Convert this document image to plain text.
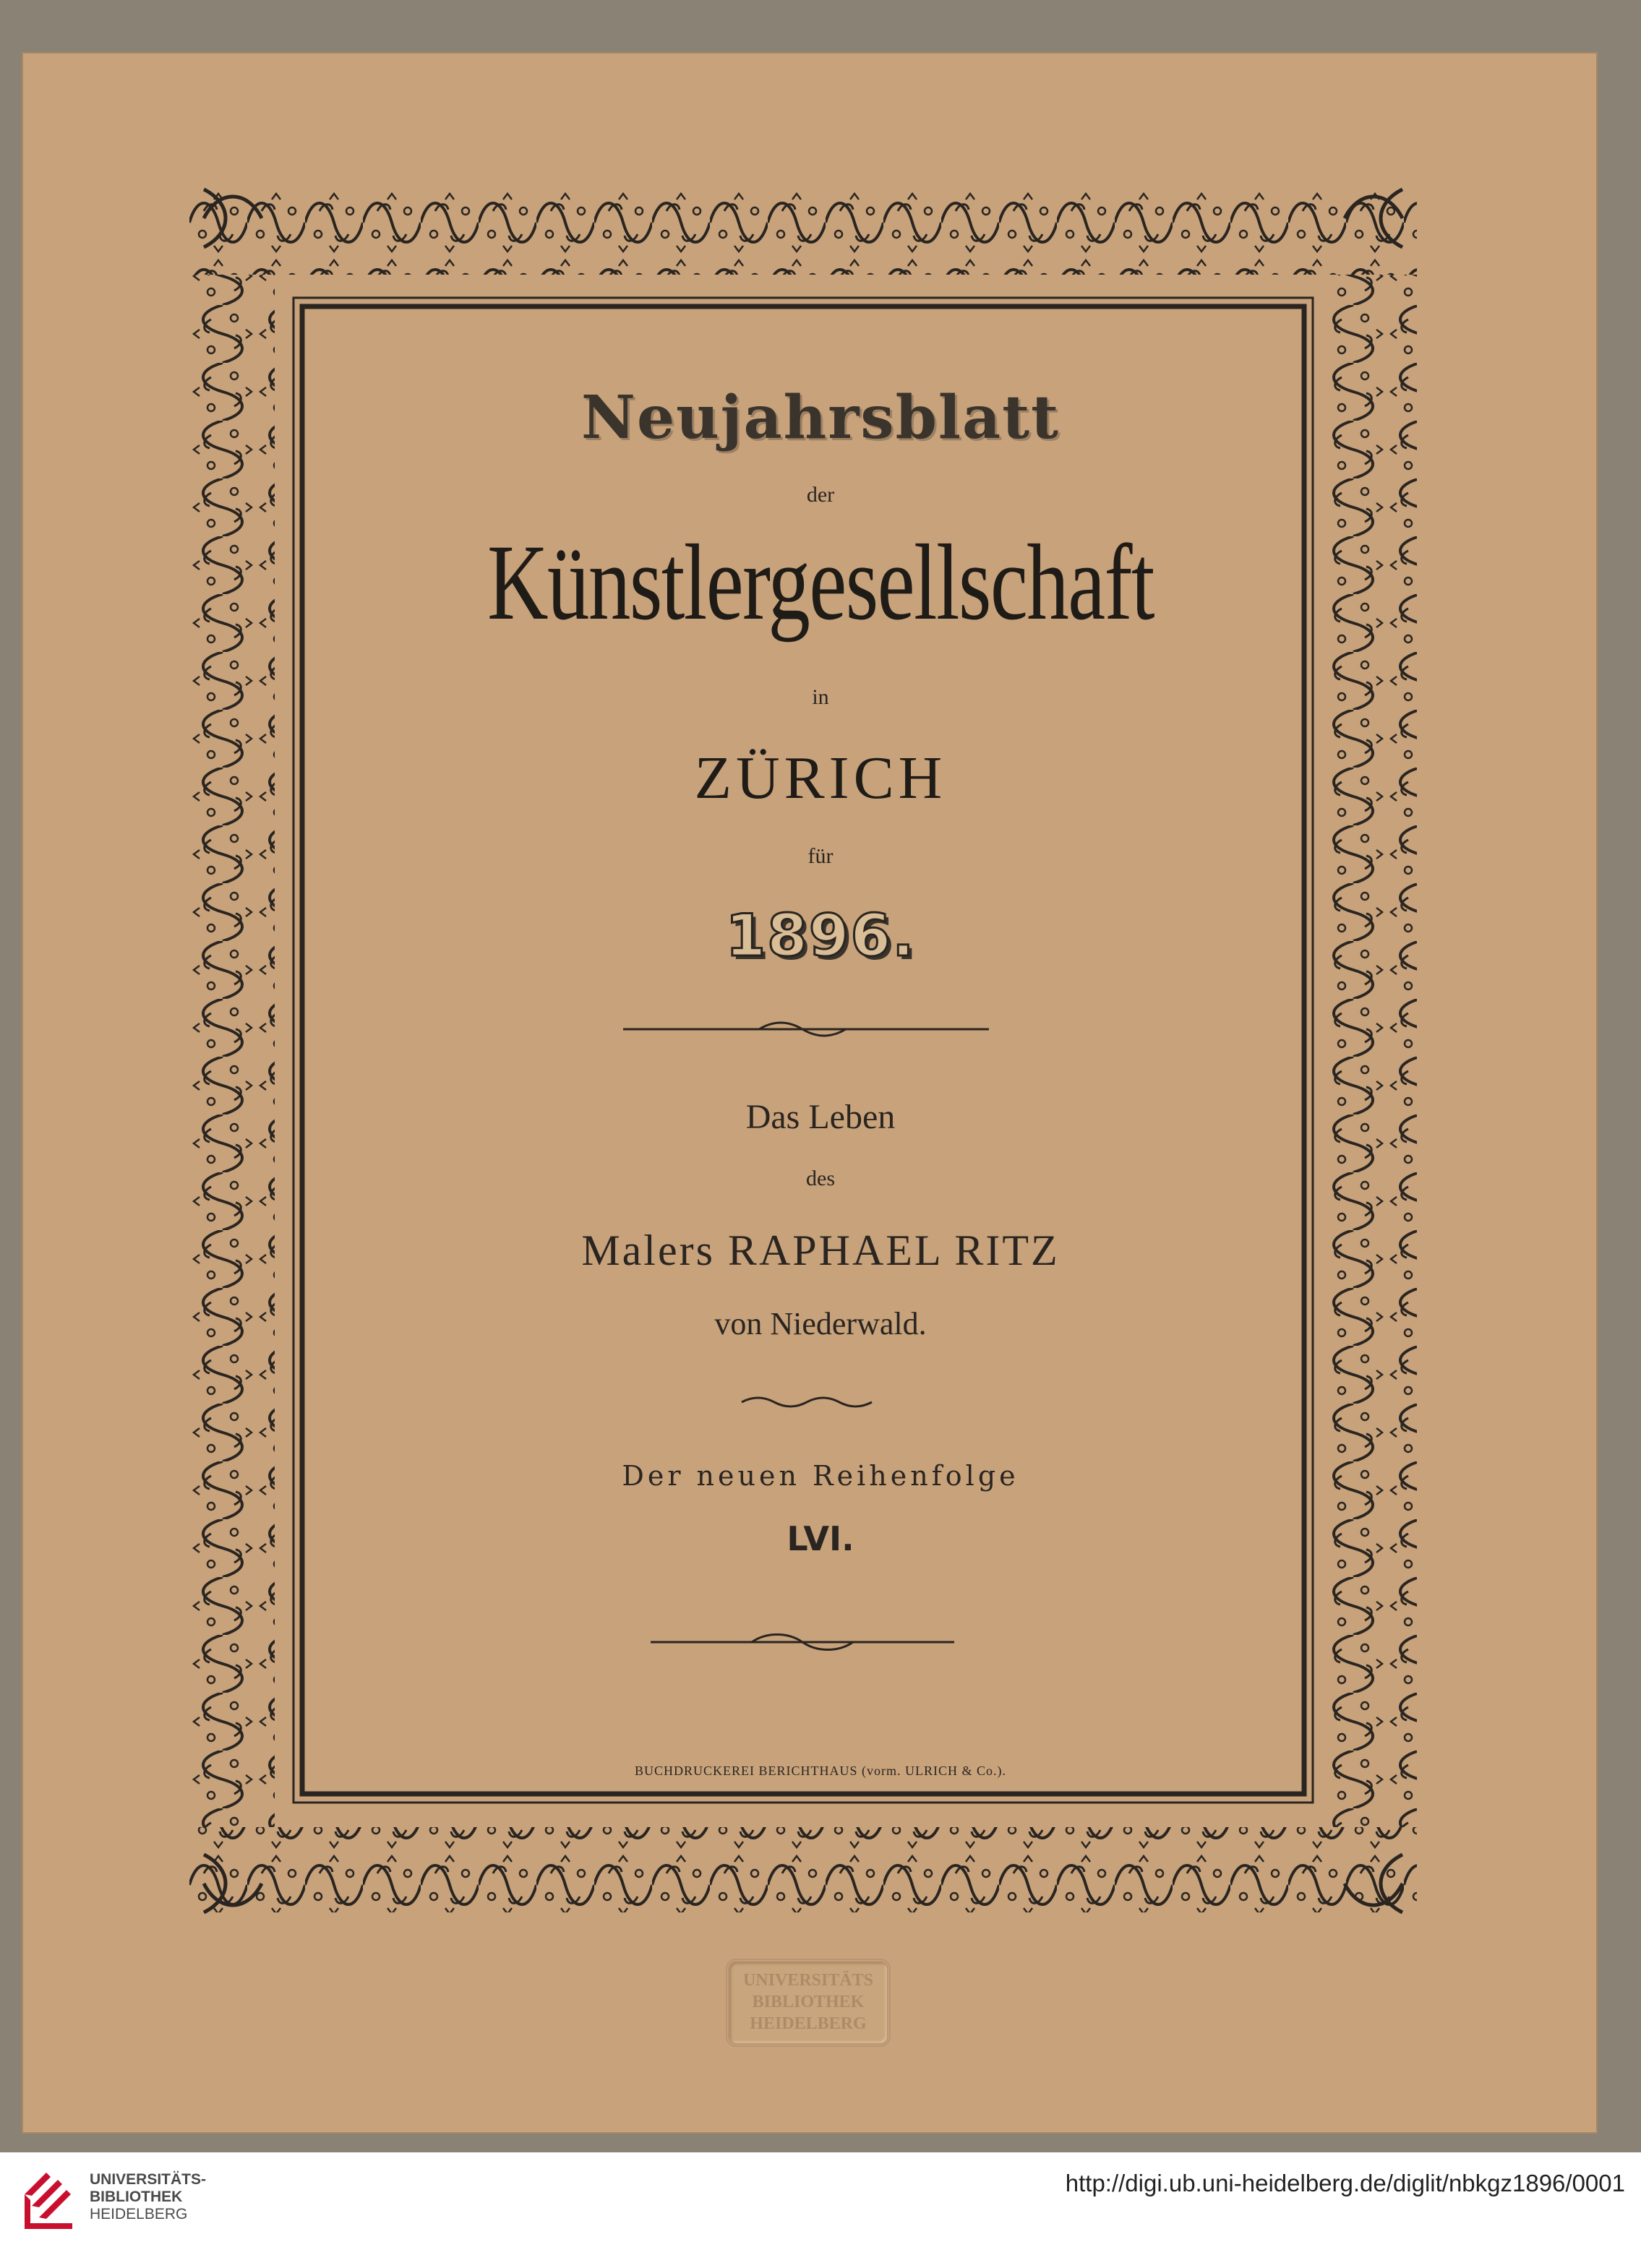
Neujahrsblatt
der
Künstlergesellschaft
in
ZÜRICH
für
1896.
Das Leben
des
Malers RAPHAEL RITZ
von Niederwald.
Der neuen Reihenfolge
LVI.
BUCHDRUCKEREI BERICHTHAUS (vorm. ULRICH & Co.).
UNIVERSITÄTS
BIBLIOTHEK
HEIDELBERG
UNIVERSITÄTS-
BIBLIOTHEK
HEIDELBERG
http://digi.ub.uni-heidelberg.de/diglit/nbkgz1896/0001
